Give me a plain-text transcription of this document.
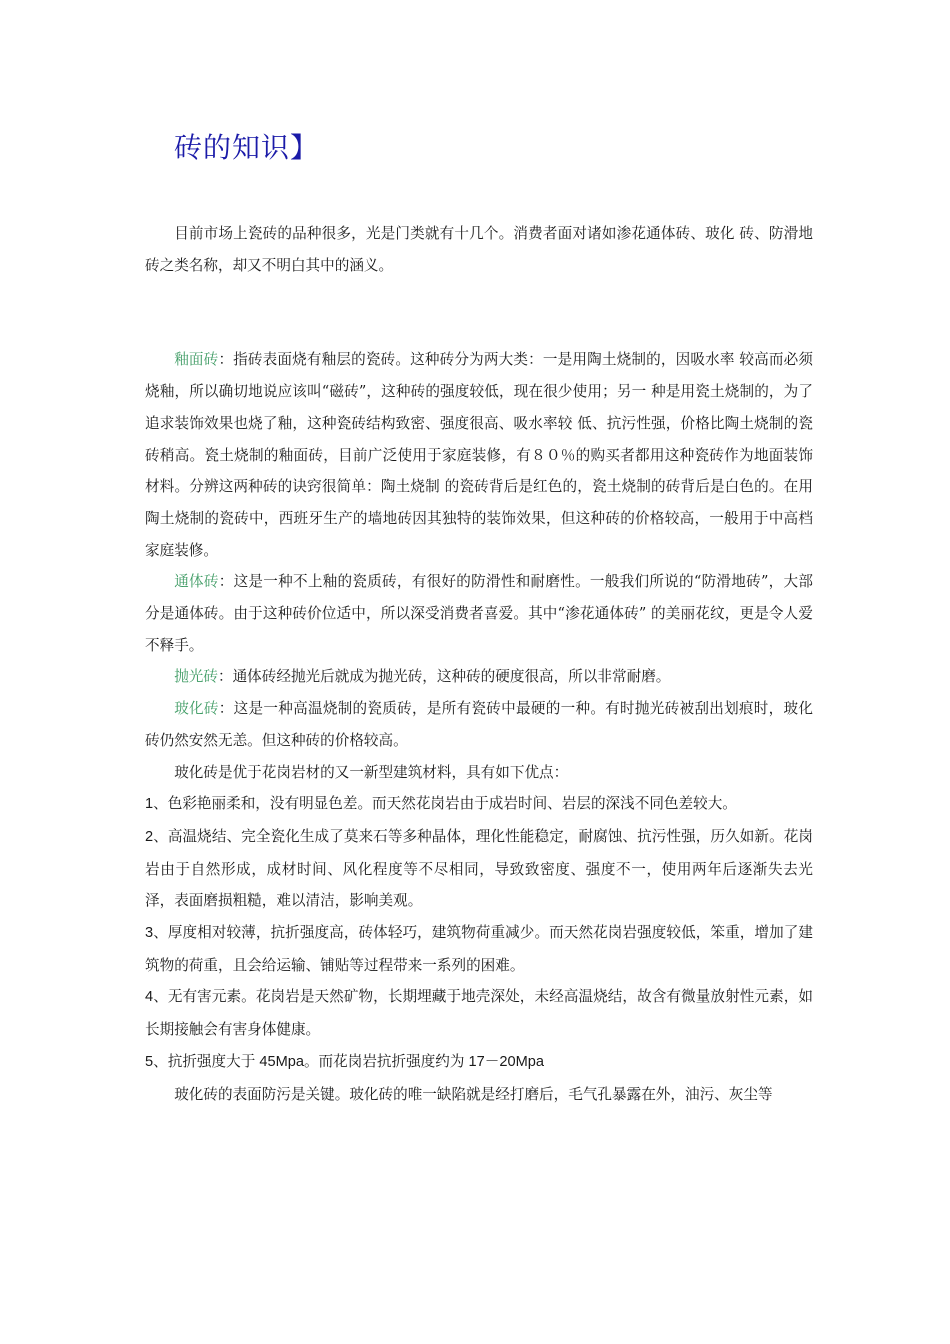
砖的知识】

目前市场上瓷砖的品种很多，光是门类就有十几个。消费者面对诸如渗花通体砖、玻化 砖、防滑地砖之类名称，却又不明白其中的涵义。

釉面砖：指砖表面烧有釉层的瓷砖。这种砖分为两大类：一是用陶土烧制的，因吸水率 较高而必须烧釉，所以确切地说应该叫“磁砖”，这种砖的强度较低，现在很少使用；另一 种是用瓷土烧制的，为了追求装饰效果也烧了釉，这种瓷砖结构致密、强度很高、吸水率较 低、抗污性强，价格比陶土烧制的瓷砖稍高。瓷土烧制的釉面砖，目前广泛使用于家庭装修，有８０％的购买者都用这种瓷砖作为地面装饰材料。分辨这两种砖的诀窍很简单：陶土烧制 的瓷砖背后是红色的，瓷土烧制的砖背后是白色的。在用陶土烧制的瓷砖中，西班牙生产的墙地砖因其独特的装饰效果，但这种砖的价格较高，一般用于中高档家庭装修。

通体砖：这是一种不上釉的瓷质砖，有很好的防滑性和耐磨性。一般我们所说的“防滑地砖”，大部分是通体砖。由于这种砖价位适中，所以深受消费者喜爱。其中“渗花通体砖” 的美丽花纹，更是令人爱不释手。

抛光砖：通体砖经抛光后就成为抛光砖，这种砖的硬度很高，所以非常耐磨。

玻化砖：这是一种高温烧制的瓷质砖，是所有瓷砖中最硬的一种。有时抛光砖被刮出划痕时，玻化砖仍然安然无恙。但这种砖的价格较高。

玻化砖是优于花岗岩材的又一新型建筑材料，具有如下优点：

1、色彩艳丽柔和，没有明显色差。而天然花岗岩由于成岩时间、岩层的深浅不同色差较大。

2、高温烧结、完全瓷化生成了莫来石等多种晶体，理化性能稳定，耐腐蚀、抗污性强，历久如新。花岗岩由于自然形成，成材时间、风化程度等不尽相同，导致致密度、强度不一，使用两年后逐渐失去光泽，表面磨损粗糙，难以清洁，影响美观。

3、厚度相对较薄，抗折强度高，砖体轻巧，建筑物荷重减少。而天然花岗岩强度较低，笨重，增加了建筑物的荷重，且会给运输、铺贴等过程带来一系列的困难。

4、无有害元素。花岗岩是天然矿物，长期埋藏于地壳深处，未经高温烧结，故含有微量放射性元素，如长期接触会有害身体健康。

5、抗折强度大于 45Mpa。而花岗岩抗折强度约为 17－20Mpa

玻化砖的表面防污是关键。玻化砖的唯一缺陷就是经打磨后，毛气孔暴露在外，油污、灰尘等
